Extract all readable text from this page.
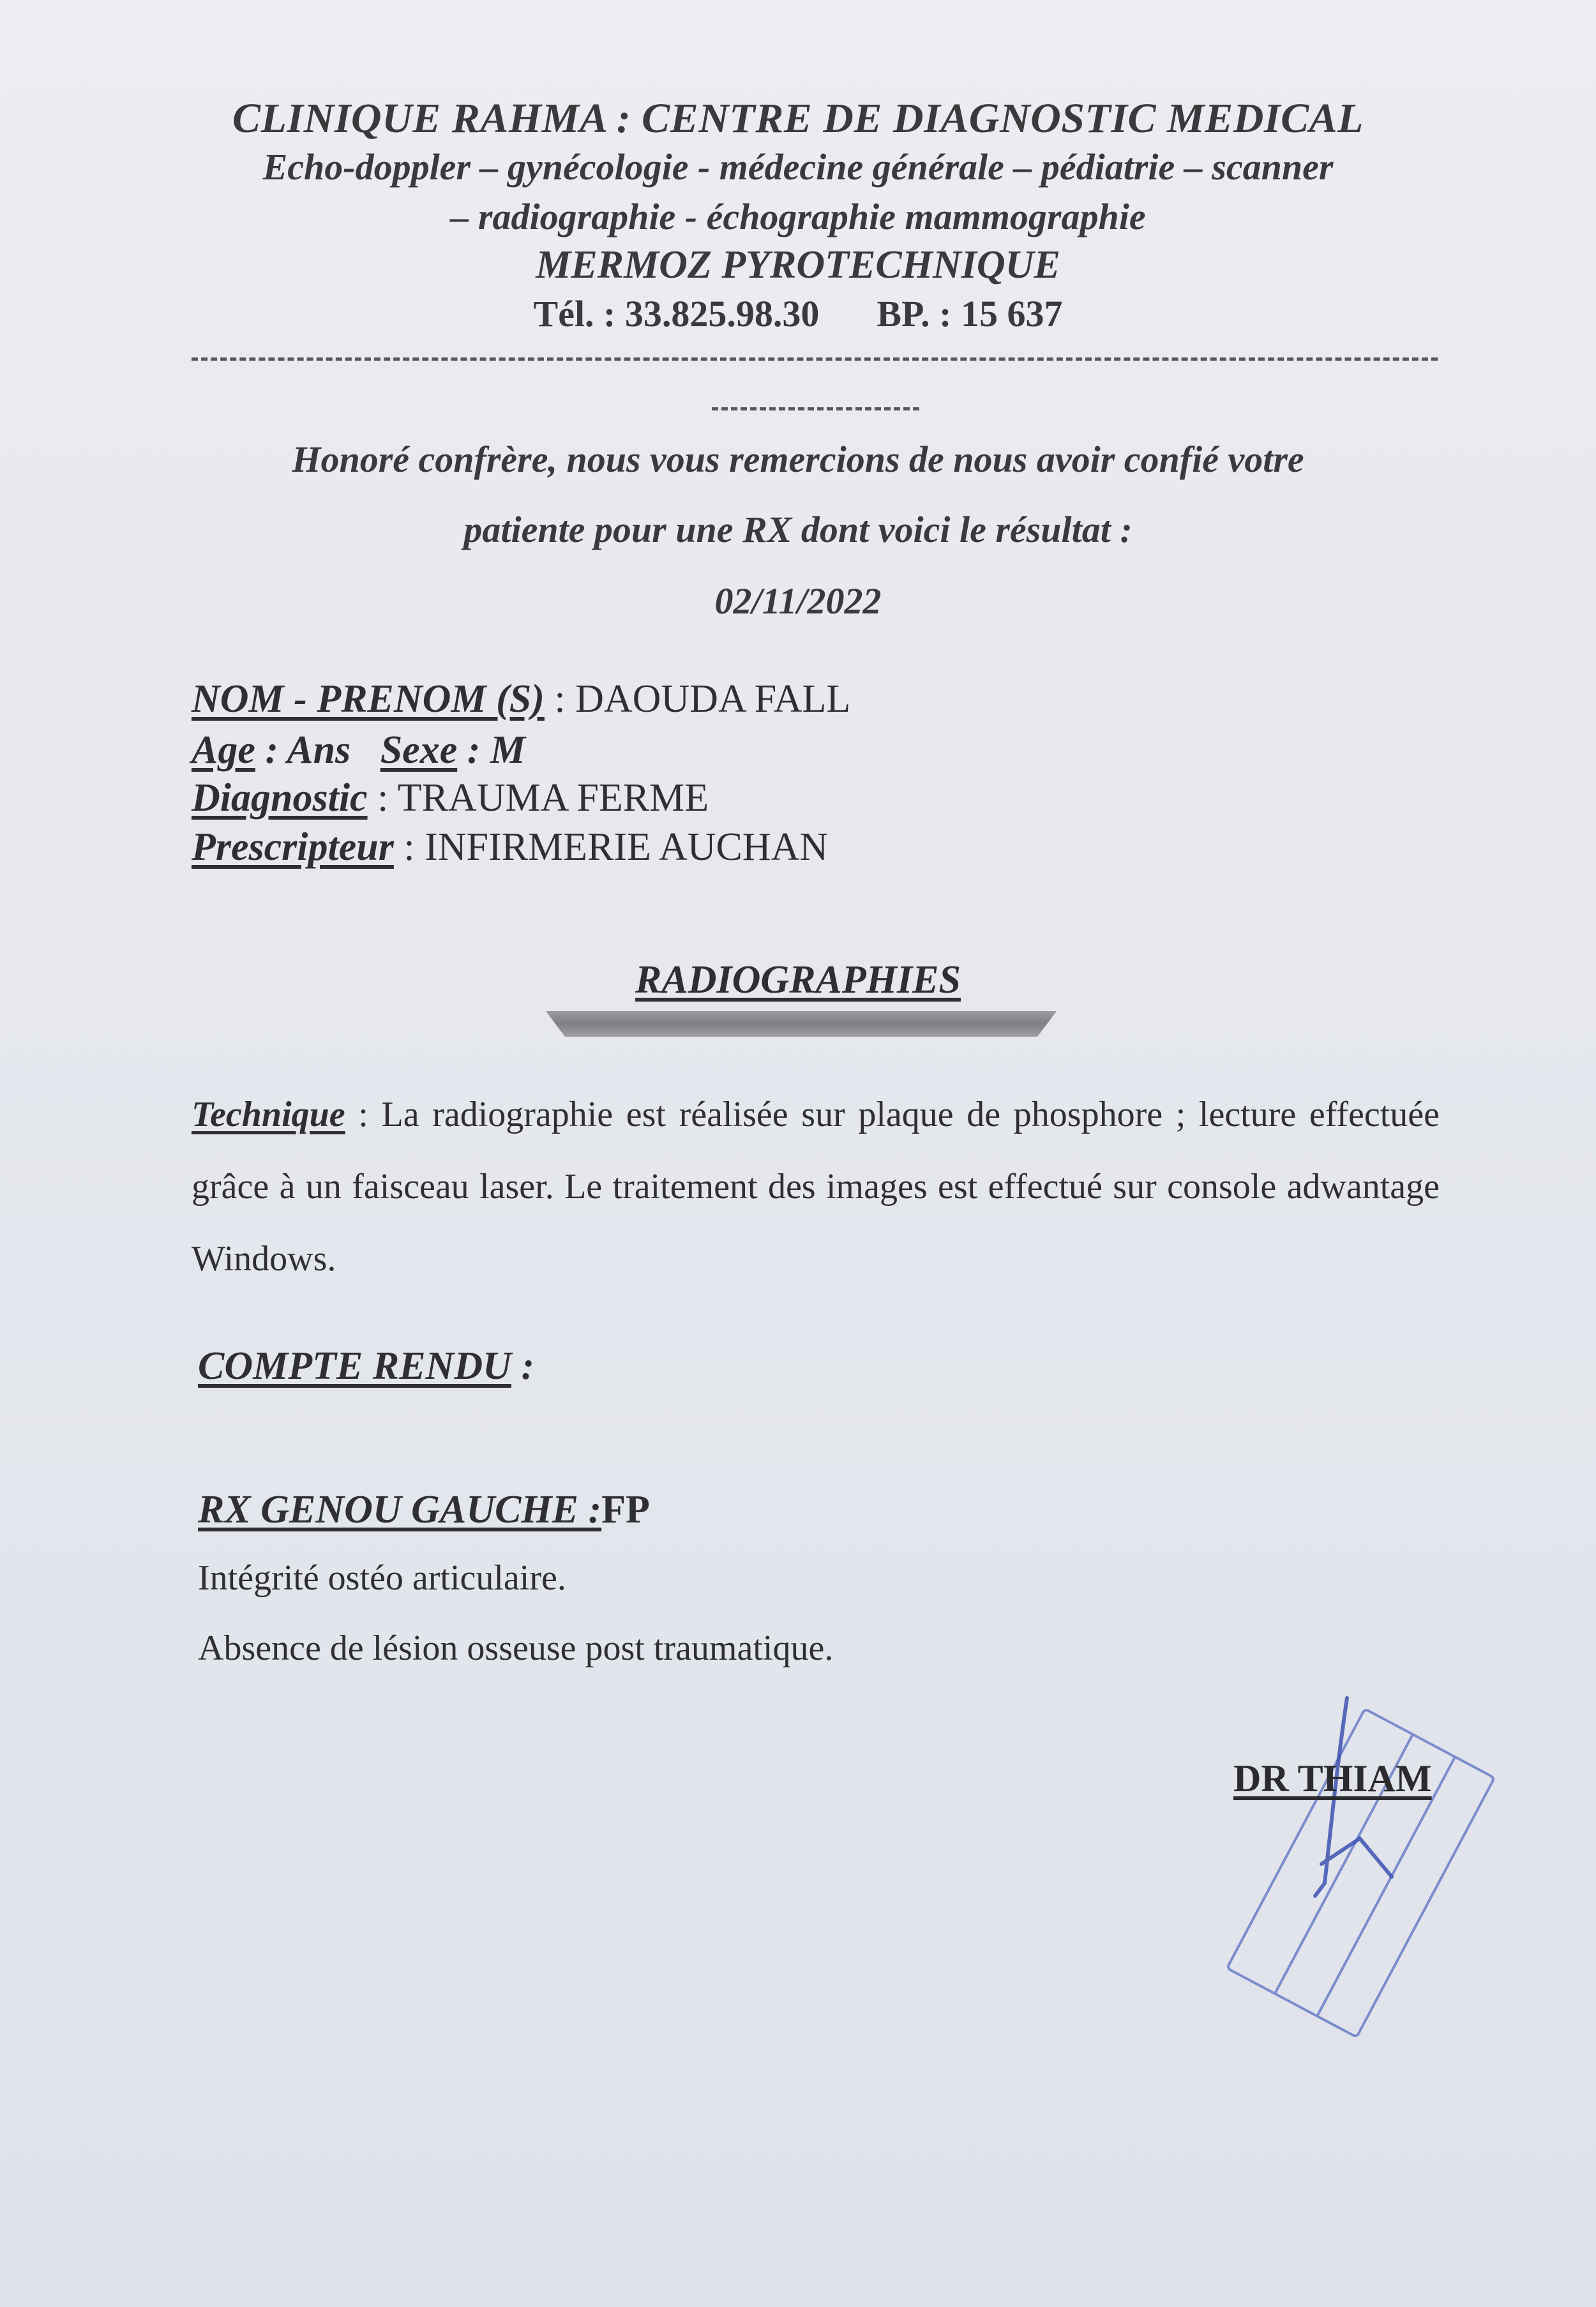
CLINIQUE RAHMA : CENTRE DE DIAGNOSTIC MEDICAL
Echo-doppler – gynécologie - médecine générale – pédiatrie – scanner
– radiographie - échographie mammographie
MERMOZ PYROTECHNIQUE
Tél. : 33.825.98.30 BP. : 15 637
Honoré confrère, nous vous remercions de nous avoir confié votre
patiente pour une RX dont voici le résultat :
02/11/2022
NOM - PRENOM (S) : DAOUDA FALL
Age : Ans Sexe : M
Diagnostic : TRAUMA FERME
Prescripteur : INFIRMERIE AUCHAN
RADIOGRAPHIES
Technique : La radiographie est réalisée sur plaque de phosphore ; lecture effectuée grâce à un faisceau laser. Le traitement des images est effectué sur console adwantage Windows.
COMPTE RENDU :
RX GENOU GAUCHE :FP
Intégrité ostéo articulaire.
Absence de lésion osseuse post traumatique.
DR THIAM
